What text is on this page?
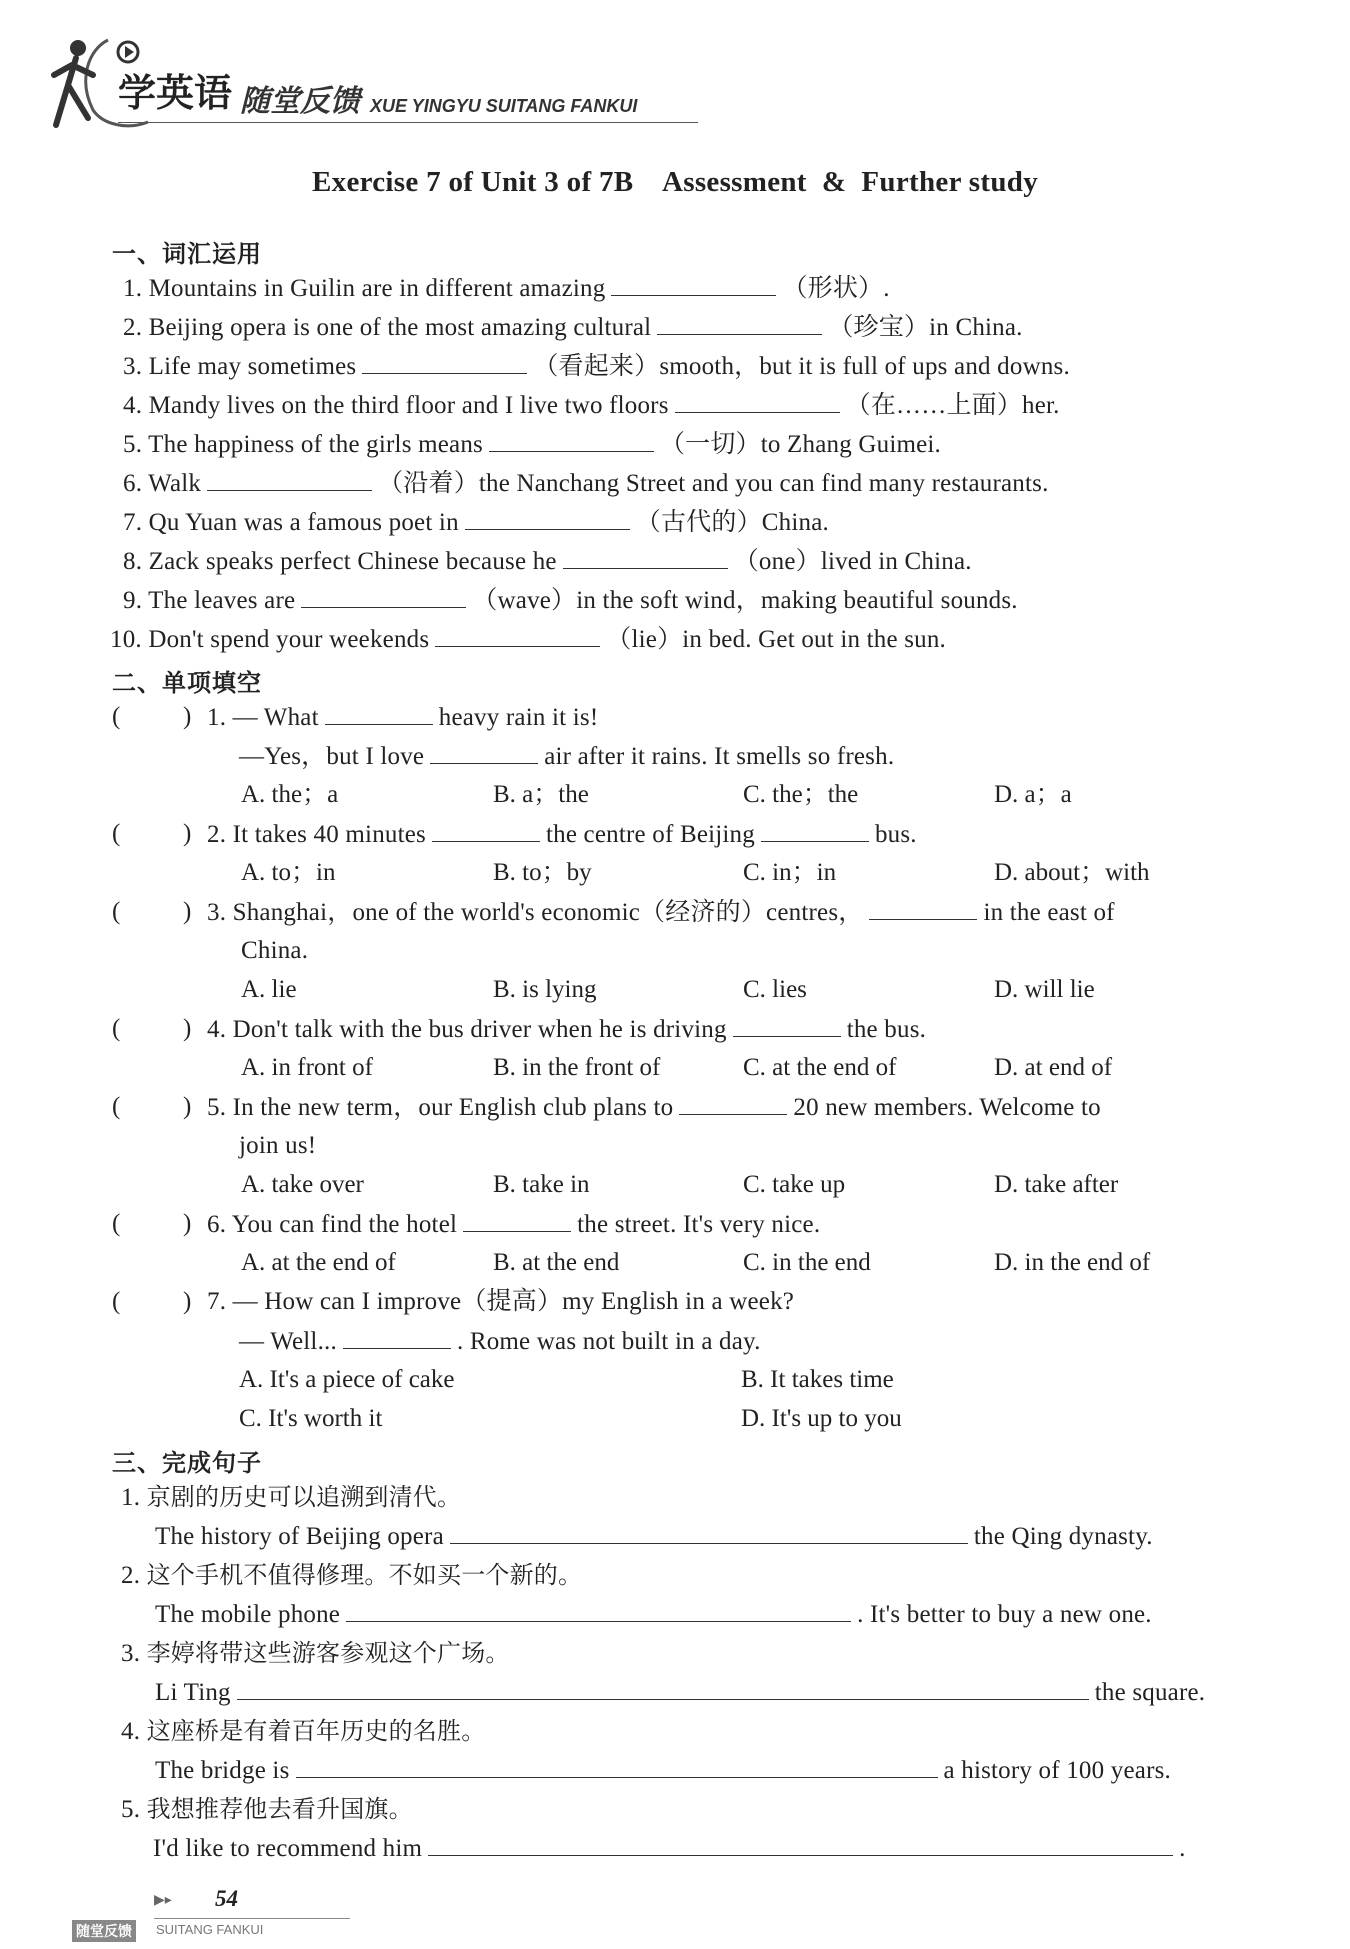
学英语 随堂反馈 XUE YINGYU SUITANG FANKUI
Exercise 7 of Unit 3 of 7B    Assessment  &  Further study
一、词汇运用
1. Mountains in Guilin are in different amazing	（形状）.
2. Beijing opera is one of the most amazing cultural	（珍宝）in China.
3. Life may sometimes	（看起来）smooth，but it is full of ups and downs.
4. Mandy lives on the third floor and I live two floors	（在……上面）her.
5. The happiness of the girls means	（一切）to Zhang Guimei.
6. Walk	（沿着）the Nanchang Street and you can find many restaurants.
7. Qu Yuan was a famous poet in	（古代的）China.
8. Zack speaks perfect Chinese because he	（one）lived in China.
9. The leaves are	（wave）in the soft wind，making beautiful sounds.
10. Don't spend your weekends	（lie）in bed. Get out in the sun.
二、单项填空
(	) 1. — What	heavy rain it is!
—Yes，but I love	air after it rains. It smells so fresh.
A. the；a	B. a；the	C. the；the	D. a；a
(	) 2. It takes 40 minutes	the centre of Beijing	bus.
A. to；in	B. to；by	C. in；in	D. about；with
(	) 3. Shanghai，one of the world's economic（经济的）centres，	in the east of
China.
A. lie	B. is lying	C. lies	D. will lie
(	) 4. Don't talk with the bus driver when he is driving	the bus.
A. in front of	B. in the front of	C. at the end of	D. at end of
(	) 5. In the new term，our English club plans to	20 new members. Welcome to
join us!
A. take over	B. take in	C. take up	D. take after
(	) 6. You can find the hotel	the street. It's very nice.
A. at the end of	B. at the end	C. in the end	D. in the end of
(	) 7. — How can I improve（提高）my English in a week?
— Well...	. Rome was not built in a day.
A. It's a piece of cake	B. It takes time
C. It's worth it	D. It's up to you
三、完成句子
1. 京剧的历史可以追溯到清代。
The history of Beijing opera	the Qing dynasty.
2. 这个手机不值得修理。不如买一个新的。
The mobile phone	. It's better to buy a new one.
3. 李婷将带这些游客参观这个广场。
Li Ting	the square.
4. 这座桥是有着百年历史的名胜。
The bridge is	a history of 100 years.
5. 我想推荐他去看升国旗。
I'd like to recommend him	.
▶▸ 54
随堂反馈	SUITANG FANKUI
